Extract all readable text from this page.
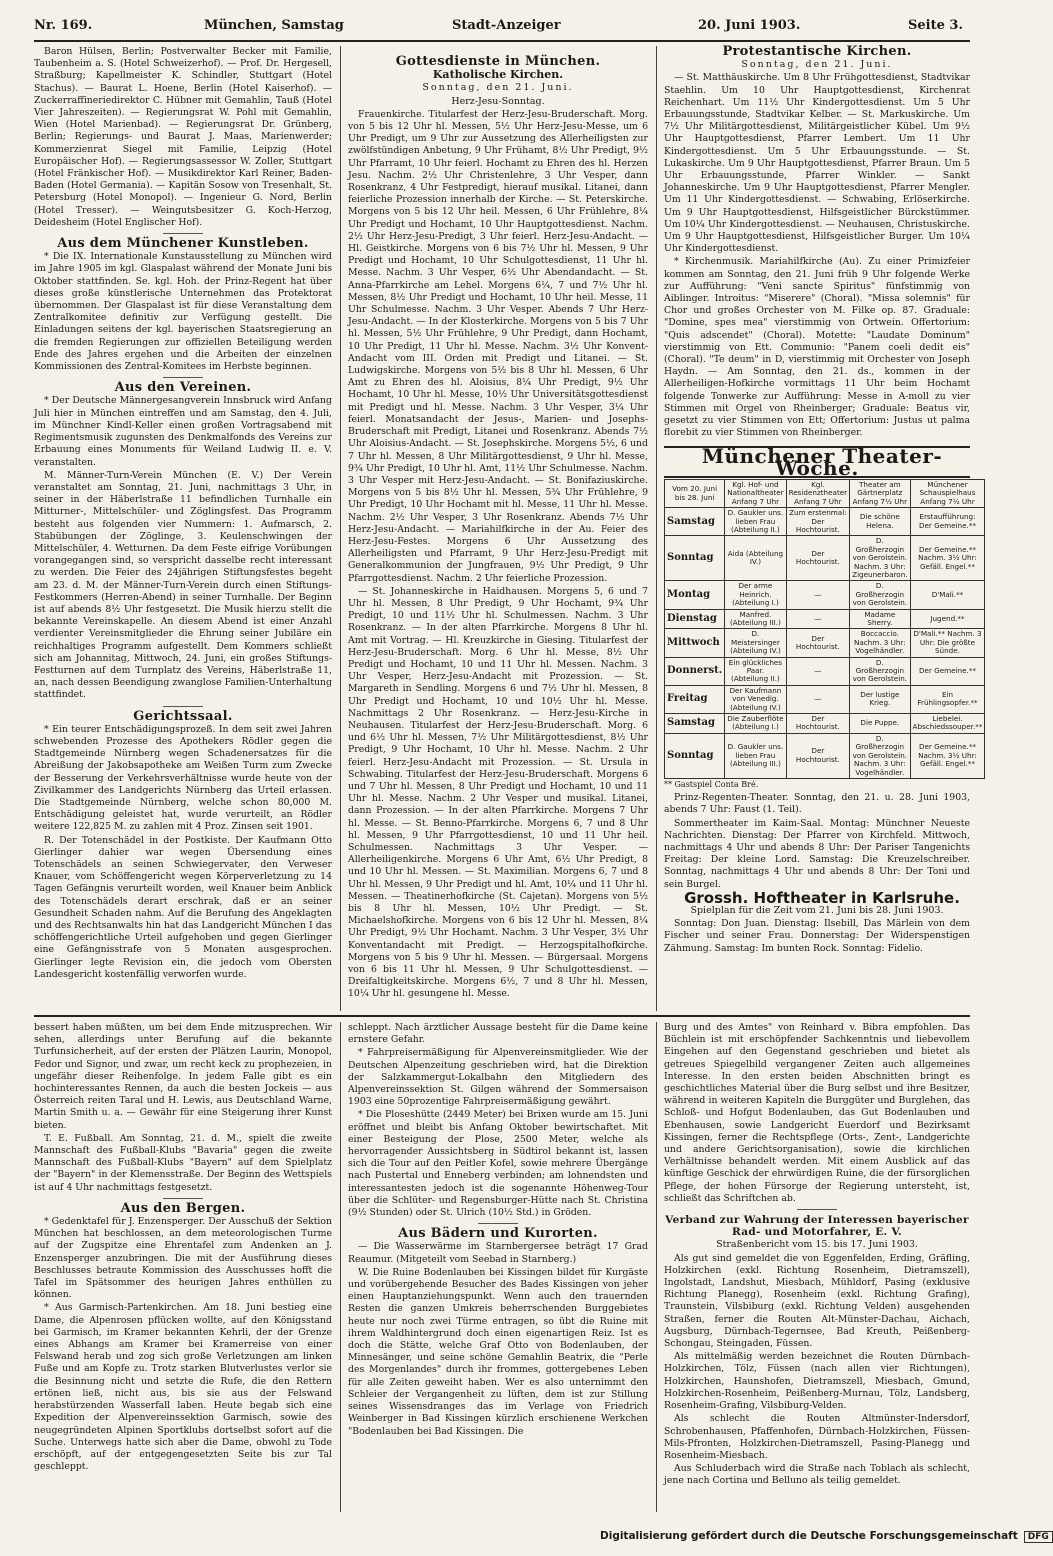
Nr. 169.	München, Samstag	Stadt-Anzeiger	20. Juni 1903.	Seite 3.

Baron Hülsen, Berlin; Postverwalter Becker mit Familie, Taubenheim a. S. (Hotel Schweizerhof). — Prof. Dr. Hergesell, Straßburg; Kapellmeister K. Schindler, Stuttgart (Hotel Stachus). — Baurat L. Hoene, Berlin (Hotel Kaiserhof). — Zuckerraffineriedirektor C. Hübner mit Gemahlin, Tauß (Hotel Vier Jahreszeiten). — Regierungsrat W. Pohl mit Gemahlin, Wien (Hotel Marienbad). — Regierungsrat Dr. Grünberg, Berlin; Regierungs- und Baurat J. Maas, Marienwerder; Kommerzienrat Siegel mit Familie, Leipzig (Hotel Europäischer Hof). — Regierungsassessor W. Zoller, Stuttgart (Hotel Fränkischer Hof). — Musikdirektor Karl Reiner, Baden-Baden (Hotel Germania). — Kapitän Sosow von Tresenhalt, St. Petersburg (Hotel Monopol). — Ingenieur G. Nord, Berlin (Hotel Tresser). — Weingutsbesitzer G. Koch-Herzog, Deidesheim (Hotel Englischer Hof).

Aus dem Münchener Kunstleben.

* Die IX. Internationale Kunstausstellung zu München wird im Jahre 1905 im kgl. Glaspalast während der Monate Juni bis Oktober stattfinden. Se. kgl. Hoh. der Prinz-Regent hat über dieses große künstlerische Unternehmen das Protektorat übernommen. Der Glaspalast ist für diese Veranstaltung dem Zentralkomitee definitiv zur Verfügung gestellt. Die Einladungen seitens der kgl. bayerischen Staatsregierung an die fremden Regierungen zur offiziellen Beteiligung werden Ende des Jahres ergehen und die Arbeiten der einzelnen Kommissionen des Zentral-Komitees im Herbste beginnen.

Aus den Vereinen.

* Der Deutsche Männergesangverein Innsbruck wird Anfang Juli hier in München eintreffen und am Samstag, den 4. Juli, im Münchner Kindl-Keller einen großen Vortragsabend mit Regimentsmusik zugunsten des Denkmalfonds des Vereins zur Erbauung eines Monuments für Weiland Ludwig II. e. V. veranstalten.

M. Männer-Turn-Verein München (E. V.) Der Verein veranstaltet am Sonntag, 21. Juni, nachmittags 3 Uhr, in seiner in der Häberlstraße 11 befindlichen Turnhalle ein Mitturner-, Mittelschüler- und Zöglingsfest. Das Programm besteht aus folgenden vier Nummern: 1. Aufmarsch, 2. Stabübungen der Zöglinge, 3. Keulenschwingen der Mittelschüler, 4. Wetturnen. Da dem Feste eifrige Vorübungen vorangegangen sind, so verspricht dasselbe recht interessant zu werden. Die Feier des 24jährigen Stiftungsfestes begeht am 23. d. M. der Männer-Turn-Verein durch einen Stiftungs-Festkommers (Herren-Abend) in seiner Turnhalle. Der Beginn ist auf abends 8½ Uhr festgesetzt. Die Musik hierzu stellt die bekannte Vereinskapelle. An diesem Abend ist einer Anzahl verdienter Vereinsmitglieder die Ehrung seiner Jubiläre ein reichhaltiges Programm aufgestellt. Dem Kommers schließt sich am Johannitag, Mittwoch, 24. Juni, ein großes Stiftungs-Festturnen auf dem Turnplatz des Vereins, Häberlstraße 11, an, nach dessen Beendigung zwanglose Familien-Unterhaltung stattfindet.

Gerichtssaal.

* Ein teurer Entschädigungsprozeß. In dem seit zwei Jahren schwebenden Prozesse des Apothekers Rödler gegen die Stadtgemeinde Nürnberg wegen Schadenersatzes für die Abreißung der Jakobsapotheke am Weißen Turm zum Zwecke der Besserung der Verkehrsverhältnisse wurde heute von der Zivilkammer des Landgerichts Nürnberg das Urteil erlassen. Die Stadtgemeinde Nürnberg, welche schon 80,000 M. Entschädigung geleistet hat, wurde verurteilt, an Rödler weitere 122,825 M. zu zahlen mit 4 Proz. Zinsen seit 1901.

R. Der Totenschädel in der Postkiste. Der Kaufmann Otto Gierlinger dahier war wegen Übersendung eines Totenschädels an seinen Schwiegervater, den Verweser Knauer, vom Schöffengericht wegen Körperverletzung zu 14 Tagen Gefängnis verurteilt worden, weil Knauer beim Anblick des Totenschädels derart erschrak, daß er an seiner Gesundheit Schaden nahm. Auf die Berufung des Angeklagten und des Rechtsanwalts hin hat das Landgericht München I das schöffengerichtliche Urteil aufgehoben und gegen Gierlinger eine Gefängnisstrafe von 5 Monaten ausgesprochen. Gierlinger legte Revision ein, die jedoch vom Obersten Landesgericht kostenfällig verworfen wurde.

Gottesdienste in München.

Katholische Kirchen.

Sonntag, den 21. Juni.

Herz-Jesu-Sonntag.

Frauenkirche. Titularfest der Herz-Jesu-Bruderschaft. Morg. von 5 bis 12 Uhr hl. Messen, 5½ Uhr Herz-Jesu-Messe, um 6 Uhr Predigt, um 9 Uhr zur Aussetzung des Allerheiligsten zur zwölfstündigen Anbetung, 9 Uhr Frühamt, 8½ Uhr Predigt, 9½ Uhr Pfarramt, 10 Uhr feierl. Hochamt zu Ehren des hl. Herzen Jesu. Nachm. 2½ Uhr Christenlehre, 3 Uhr Vesper, dann Rosenkranz, 4 Uhr Festpredigt, hierauf musikal. Litanei, dann feierliche Prozession innerhalb der Kirche. — St. Peterskirche. Morgens von 5 bis 12 Uhr heil. Messen, 6 Uhr Frühlehre, 8¼ Uhr Predigt und Hochamt, 10 Uhr Hauptgottesdienst. Nachm. 2½ Uhr Herz-Jesu-Predigt, 3 Uhr feierl. Herz-Jesu-Andacht. — Hl. Geistkirche. Morgens von 6 bis 7½ Uhr hl. Messen, 9 Uhr Predigt und Hochamt, 10 Uhr Schulgottesdienst, 11 Uhr hl. Messe. Nachm. 3 Uhr Vesper, 6½ Uhr Abendandacht. — St. Anna-Pfarrkirche am Lehel. Morgens 6¼, 7 und 7½ Uhr hl. Messen, 8½ Uhr Predigt und Hochamt, 10 Uhr heil. Messe, 11 Uhr Schulmesse. Nachm. 3 Uhr Vesper. Abends 7 Uhr Herz-Jesu-Andacht. — In der Klosterkirche. Morgens von 5 bis 7 Uhr hl. Messen, 5½ Uhr Frühlehre, 9 Uhr Predigt, dann Hochamt, 10 Uhr Predigt, 11 Uhr hl. Messe. Nachm. 3½ Uhr Konvent-Andacht vom III. Orden mit Predigt und Litanei. — St. Ludwigskirche. Morgens von 5½ bis 8 Uhr hl. Messen, 6 Uhr Amt zu Ehren des hl. Aloisius, 8¼ Uhr Predigt, 9½ Uhr Hochamt, 10 Uhr hl. Messe, 10½ Uhr Universitätsgottesdienst mit Predigt und hl. Messe. Nachm. 3 Uhr Vesper, 3¼ Uhr feierl. Monatsandacht der Jesus-, Marien- und Josephs-Bruderschaft mit Predigt, Litanei und Rosenkranz. Abends 7½ Uhr Aloisius-Andacht. — St. Josephskirche. Morgens 5½, 6 und 7 Uhr hl. Messen, 8 Uhr Militärgottesdienst, 9 Uhr hl. Messe, 9¾ Uhr Predigt, 10 Uhr hl. Amt, 11½ Uhr Schulmesse. Nachm. 3 Uhr Vesper mit Herz-Jesu-Andacht. — St. Bonifaziuskirche. Morgens von 5 bis 8½ Uhr hl. Messen, 5¾ Uhr Frühlehre, 9 Uhr Predigt, 10 Uhr Hochamt mit hl. Messe, 11 Uhr hl. Messe. Nachm. 2½ Uhr Vesper, 3 Uhr Rosenkranz. Abends 7½ Uhr Herz-Jesu-Andacht. — Mariahilfkirche in der Au. Feier des Herz-Jesu-Festes. Morgens 6 Uhr Aussetzung des Allerheiligsten und Pfarramt, 9 Uhr Herz-Jesu-Predigt mit Generalkommunion der Jungfrauen, 9½ Uhr Predigt, 9 Uhr Pfarrgottesdienst. Nachm. 2 Uhr feierliche Prozession.

— St. Johanneskirche in Haidhausen. Morgens 5, 6 und 7 Uhr hl. Messen, 8 Uhr Predigt, 9 Uhr Hochamt, 9¾ Uhr Predigt, 10 und 11½ Uhr hl. Schulmessen. Nachm. 3 Uhr Rosenkranz. — In der alten Pfarrkirche. Morgens 8 Uhr hl. Amt mit Vortrag. — Hl. Kreuzkirche in Giesing. Titularfest der Herz-Jesu-Bruderschaft. Morg. 6 Uhr hl. Messe, 8½ Uhr Predigt und Hochamt, 10 und 11 Uhr hl. Messen. Nachm. 3 Uhr Vesper, Herz-Jesu-Andacht mit Prozession. — St. Margareth in Sendling. Morgens 6 und 7½ Uhr hl. Messen, 8 Uhr Predigt und Hochamt, 10 und 10½ Uhr hl. Messe. Nachmittags 2 Uhr Rosenkranz. — Herz-Jesu-Kirche in Neuhausen. Titularfest der Herz-Jesu-Bruderschaft. Morg. 6 und 6½ Uhr hl. Messen, 7½ Uhr Militärgottesdienst, 8½ Uhr Predigt, 9 Uhr Hochamt, 10 Uhr hl. Messe. Nachm. 2 Uhr feierl. Herz-Jesu-Andacht mit Prozession. — St. Ursula in Schwabing. Titularfest der Herz-Jesu-Bruderschaft. Morgens 6 und 7 Uhr hl. Messen, 8 Uhr Predigt und Hochamt, 10 und 11 Uhr hl. Messe. Nachm. 2 Uhr Vesper und musikal. Litanei, dann Prozession. — In der alten Pfarrkirche. Morgens 7 Uhr hl. Messe. — St. Benno-Pfarrkirche. Morgens 6, 7 und 8 Uhr hl. Messen, 9 Uhr Pfarrgottesdienst, 10 und 11 Uhr heil. Schulmessen. Nachmittags 3 Uhr Vesper. — Allerheiligenkirche. Morgens 6 Uhr Amt, 6½ Uhr Predigt, 8 und 10 Uhr hl. Messen. — St. Maximilian. Morgens 6, 7 und 8 Uhr hl. Messen, 9 Uhr Predigt und hl. Amt, 10¼ und 11 Uhr hl. Messen. — Theatinerhofkirche (St. Cajetan). Morgens von 5½ bis 8 Uhr hl. Messen, 10½ Uhr Predigt. — St. Michaelshofkirche. Morgens von 6 bis 12 Uhr hl. Messen, 8¼ Uhr Predigt, 9½ Uhr Hochamt. Nachm. 3 Uhr Vesper, 3½ Uhr Konventandacht mit Predigt. — Herzogspitalhofkirche. Morgens von 5 bis 9 Uhr hl. Messen. — Bürgersaal. Morgens von 6 bis 11 Uhr hl. Messen, 9 Uhr Schulgottesdienst. — Dreifaltigkeitskirche. Morgens 6½, 7 und 8 Uhr hl. Messen, 10¼ Uhr hl. gesungene hl. Messe.

Protestantische Kirchen.

Sonntag, den 21. Juni.

— St. Matthäuskirche. Um 8 Uhr Frühgottesdienst, Stadtvikar Staehlin. Um 10 Uhr Hauptgottesdienst, Kirchenrat Reichenhart. Um 11½ Uhr Kindergottesdienst. Um 5 Uhr Erbauungsstunde, Stadtvikar Kelber. — St. Markuskirche. Um 7½ Uhr Militärgottesdienst, Militärgeistlicher Kübel. Um 9½ Uhr Hauptgottesdienst, Pfarrer Lembert. Um 11 Uhr Kindergottesdienst. Um 5 Uhr Erbauungsstunde. — St. Lukaskirche. Um 9 Uhr Hauptgottesdienst, Pfarrer Braun. Um 5 Uhr Erbauungsstunde, Pfarrer Winkler. — Sankt Johanneskirche. Um 9 Uhr Hauptgottesdienst, Pfarrer Mengler. Um 11 Uhr Kindergottesdienst. — Schwabing, Erlöserkirche. Um 9 Uhr Hauptgottesdienst, Hilfsgeistlicher Bürckstümmer. Um 10¼ Uhr Kindergottesdienst. — Neuhausen, Christuskirche. Um 9 Uhr Hauptgottesdienst, Hilfsgeistlicher Burger. Um 10¼ Uhr Kindergottesdienst.

* Kirchenmusik. Mariahilfkirche (Au). Zu einer Primizfeier kommen am Sonntag, den 21. Juni früh 9 Uhr folgende Werke zur Aufführung: "Veni sancte Spiritus" fünfstimmig von Aiblinger. Introitus: "Miserere" (Choral). "Missa solemnis" für Chor und großes Orchester von M. Filke op. 87. Graduale: "Domine, spes mea" vierstimmig von Ortwein. Offertorium: "Quis adscendet" (Choral). Motette: "Laudate Dominum" vierstimmig von Ett. Communio: "Panem coeli dedit eis" (Choral). "Te deum" in D, vierstimmig mit Orchester von Joseph Haydn. — Am Sonntag, den 21. ds., kommen in der Allerheiligen-Hofkirche vormittags 11 Uhr beim Hochamt folgende Tonwerke zur Aufführung: Messe in A-moll zu vier Stimmen mit Orgel von Rheinberger; Graduale: Beatus vir, gesetzt zu vier Stimmen von Ett; Offertorium: Justus ut palma florebit zu vier Stimmen von Rheinberger.

Münchener Theater-Woche.

Vom 20. Juni bis 28. Juni	Kgl. Hof- und Nationaltheater Anfang 7 Uhr	Kgl. Residenztheater Anfang 7 Uhr	Theater am Gärtnerplatz Anfang 7½ Uhr	Münchener Schauspielhaus Anfang 7½ Uhr
Samstag	D. Gaukler uns. lieben Frau (Abteilung II.)	Zum erstenmal: Der Hochtourist.	Die schöne Helena.	Erstaufführung: Der Gemeine.**
Sonntag	Aida (Abteilung IV.)	Der Hochtourist.	D. Großherzogin von Gerolstein. Nachm. 3 Uhr: Zigeunerbaron.	Der Gemeine.** Nachm. 3½ Uhr: Gefäll. Engel.**
Montag	Der arme Heinrich. (Abteilung I.)	—	D. Großherzogin von Gerolstein.	D'Mali.**
Dienstag	Manfred. (Abteilung III.)	—	Madame Sherry.	Jugend.**
Mittwoch	D. Meistersinger (Abteilung IV.)	Der Hochtourist.	Boccaccio. Nachm. 3 Uhr: Vogelhändler.	D'Mali.** Nachm. 3 Uhr: Die größte Sünde.
Donnerst.	Ein glückliches Paar. (Abteilung II.)	—	D. Großherzogin von Gerolstein.	Der Gemeine.**
Freitag	Der Kaufmann von Venedig. (Abteilung IV.)	—	Der lustige Krieg.	Ein Frühlingsopfer.**
Samstag	Die Zauberflöte (Abteilung I.)	Der Hochtourist.	Die Puppe.	Liebelei. Abschiedssouper.**
Sonntag	D. Gaukler uns. lieben Frau (Abteilung III.)	Der Hochtourist.	D. Großherzogin von Gerolstein. Nachm. 3 Uhr: Vogelhändler.	Der Gemeine.** Nachm. 3½ Uhr: Gefäll. Engel.**

** Gastspiel Conta Bré.

Prinz-Regenten-Theater. Sonntag, den 21. u. 28. Juni 1903, abends 7 Uhr: Faust (1. Teil).

Sommertheater im Kaim-Saal. Montag: Münchner Neueste Nachrichten. Dienstag: Der Pfarrer von Kirchfeld. Mittwoch, nachmittags 4 Uhr und abends 8 Uhr: Der Pariser Tangenichts Freitag: Der kleine Lord. Samstag: Die Kreuzelschreiber. Sonntag, nachmittags 4 Uhr und abends 8 Uhr: Der Toni und sein Burgel.

Grossh. Hoftheater in Karlsruhe.

Spielplan für die Zeit vom 21. Juni bis 28. Juni 1903.

Sonntag: Don Juan. Dienstag: Ilsebill, Das Märlein von dem Fischer und seiner Frau. Donnerstag: Der Widerspenstigen Zähmung. Samstag: Im bunten Rock. Sonntag: Fidelio.

bessert haben müßten, um bei dem Ende mitzusprechen. Wir sehen, allerdings unter Berufung auf die bekannte Turfunsicherheit, auf der ersten der Plätzen Laurin, Monopol, Fedor und Signor, und zwar, um recht keck zu prophezeien, in ungefähr dieser Reihenfolge. In jedem Falle gibt es ein hochinteressantes Rennen, da auch die besten Jockeis — aus Österreich reiten Taral und H. Lewis, aus Deutschland Warne, Martin Smith u. a. — Gewähr für eine Steigerung ihrer Kunst bieten.

T. E. Fußball. Am Sonntag, 21. d. M., spielt die zweite Mannschaft des Fußball-Klubs "Bavaria" gegen die zweite Mannschaft des Fußball-Klubs "Bayern" auf dem Spielplatz der "Bayern" in der Klemensstraße. Der Beginn des Wettspiels ist auf 4 Uhr nachmittags festgesetzt.

Aus den Bergen.

* Gedenktafel für J. Enzensperger. Der Ausschuß der Sektion München hat beschlossen, an dem meteorologischen Turme auf der Zugspitze eine Ehrentafel zum Andenken an J. Enzensperger anzubringen. Die mit der Ausführung dieses Beschlusses betraute Kommission des Ausschusses hofft die Tafel im Spätsommer des heurigen Jahres enthüllen zu können.

* Aus Garmisch-Partenkirchen. Am 18. Juni bestieg eine Dame, die Alpenrosen pflücken wollte, auf den Königsstand bei Garmisch, im Kramer bekannten Kehrli, der der Grenze eines Abhangs am Kramer bei Kramerreise von einer Felswand herab und zog sich große Verletzungen am linken Fuße und am Kopfe zu. Trotz starken Blutverlustes verlor sie die Besinnung nicht und setzte die Rufe, die den Rettern ertönen ließ, nicht aus, bis sie aus der Felswand herabstürzenden Wasserfall laben. Heute begab sich eine Expedition der Alpenvereinssektion Garmisch, sowie des neugegründeten Alpinen Sportklubs dortselbst sofort auf die Suche. Unterwegs hatte sich aber die Dame, obwohl zu Tode erschöpft, auf der entgegengesetzten Seite bis zur Tal geschleppt.

schleppt. Nach ärztlicher Aussage besteht für die Dame keine ernstere Gefahr.

* Fahrpreisermäßigung für Alpenvereinsmitglieder. Wie der Deutschen Alpenzeitung geschrieben wird, hat die Direktion der Salzkammergut-Lokalbahn den Mitgliedern des Alpenvereinssektion St. Gilgen während der Sommersaison 1903 eine 50prozentige Fahrpreisermäßigung gewährt.

* Die Ploseshütte (2449 Meter) bei Brixen wurde am 15. Juni eröffnet und bleibt bis Anfang Oktober bewirtschaftet. Mit einer Besteigung der Plose, 2500 Meter, welche als hervorragender Aussichtsberg in Südtirol bekannt ist, lassen sich die Tour auf den Peitler Kofel, sowie mehrere Übergänge nach Pustertal und Enneberg verbinden; am lohnendsten und interessantesten jedoch ist die sogenannte Höhenweg-Tour über die Schlüter- und Regensburger-Hütte nach St. Christina (9½ Stunden) oder St. Ulrich (10½ Std.) in Gröden.

Aus Bädern und Kurorten.

— Die Wasserwärme im Starnbergersee beträgt 17 Grad Reaumur. (Mitgeteilt vom Seebad in Starnberg.)

W. Die Ruine Bodenlauben bei Kissingen bildet für Kurgäste und vorübergehende Besucher des Bades Kissingen von jeher einen Hauptanziehungspunkt. Wenn auch den trauernden Resten die ganzen Umkreis beherrschenden Burggebietes heute nur noch zwei Türme entragen, so übt die Ruine mit ihrem Waldhintergrund doch einen eigenartigen Reiz. Ist es doch die Stätte, welche Graf Otto von Bodenlauben, der Minnesänger, und seine schöne Gemahlin Beatrix, die "Perle des Morgenlandes" durch ihr frommes, gottergebenes Leben für alle Zeiten geweiht haben. Wer es also unternimmt den Schleier der Vergangenheit zu lüften, dem ist zur Stillung seines Wissensdranges das im Verlage von Friedrich Weinberger in Bad Kissingen kürzlich erschienene Werkchen "Bodenlauben bei Bad Kissingen. Die

Burg und des Amtes" von Reinhard v. Bibra empfohlen. Das Büchlein ist mit erschöpfender Sachkenntnis und liebevollem Eingehen auf den Gegenstand geschrieben und bietet als getreues Spiegelbild vergangener Zeiten auch allgemeines Interesse. In den ersten beiden Abschnitten bringt es geschichtliches Material über die Burg selbst und ihre Besitzer, während in weiteren Kapiteln die Burggüter und Burglehen, das Schloß- und Hofgut Bodenlauben, das Gut Bodenlauben und Ebenhausen, sowie Landgericht Euerdorf und Bezirksamt Kissingen, ferner die Rechtspflege (Orts-, Zent-, Landgerichte und andere Gerichtsorganisation), sowie die kirchlichen Verhältnisse behandelt werden. Mit einem Ausblick auf das künftige Geschick der ehrwürdigen Ruine, die der fürsorglichen Pflege, der hohen Fürsorge der Regierung untersteht, ist, schließt das Schriftchen ab.

Verband zur Wahrung der Interessen bayerischer Rad- und Motorfahrer, E. V.

Straßenbericht vom 15. bis 17. Juni 1903.

Als gut sind gemeldet die von Eggenfelden, Erding, Gräfling, Holzkirchen (exkl. Richtung Rosenheim, Dietramszell), Ingolstadt, Landshut, Miesbach, Mühldorf, Pasing (exklusive Richtung Planegg), Rosenheim (exkl. Richtung Grafing), Traunstein, Vilsbiburg (exkl. Richtung Velden) ausgehenden Straßen, ferner die Routen Alt-Münster-Dachau, Aichach, Augsburg, Dürnbach-Tegernsee, Bad Kreuth, Peißenberg-Schongau, Steingaden, Füssen.

Als mittelmäßig werden bezeichnet die Routen Dürnbach-Holzkirchen, Tölz, Füssen (nach allen vier Richtungen), Holzkirchen, Haunshofen, Dietramszell, Miesbach, Gmund, Holzkirchen-Rosenheim, Peißenberg-Murnau, Tölz, Landsberg, Rosenheim-Grafing, Vilsbiburg-Velden.

Als schlecht die Routen Altmünster-Indersdorf, Schrobenhausen, Pfaffenhofen, Dürnbach-Holzkirchen, Füssen-Mils-Pfronten, Holzkirchen-Dietramszell, Pasing-Planegg und Rosenheim-Miesbach.

Aus Schluderbach wird die Straße nach Toblach als schlecht, jene nach Cortina und Belluno als teilig gemeldet.

Digitalisierung gefördert durch die Deutsche Forschungsgemeinschaft DFG
